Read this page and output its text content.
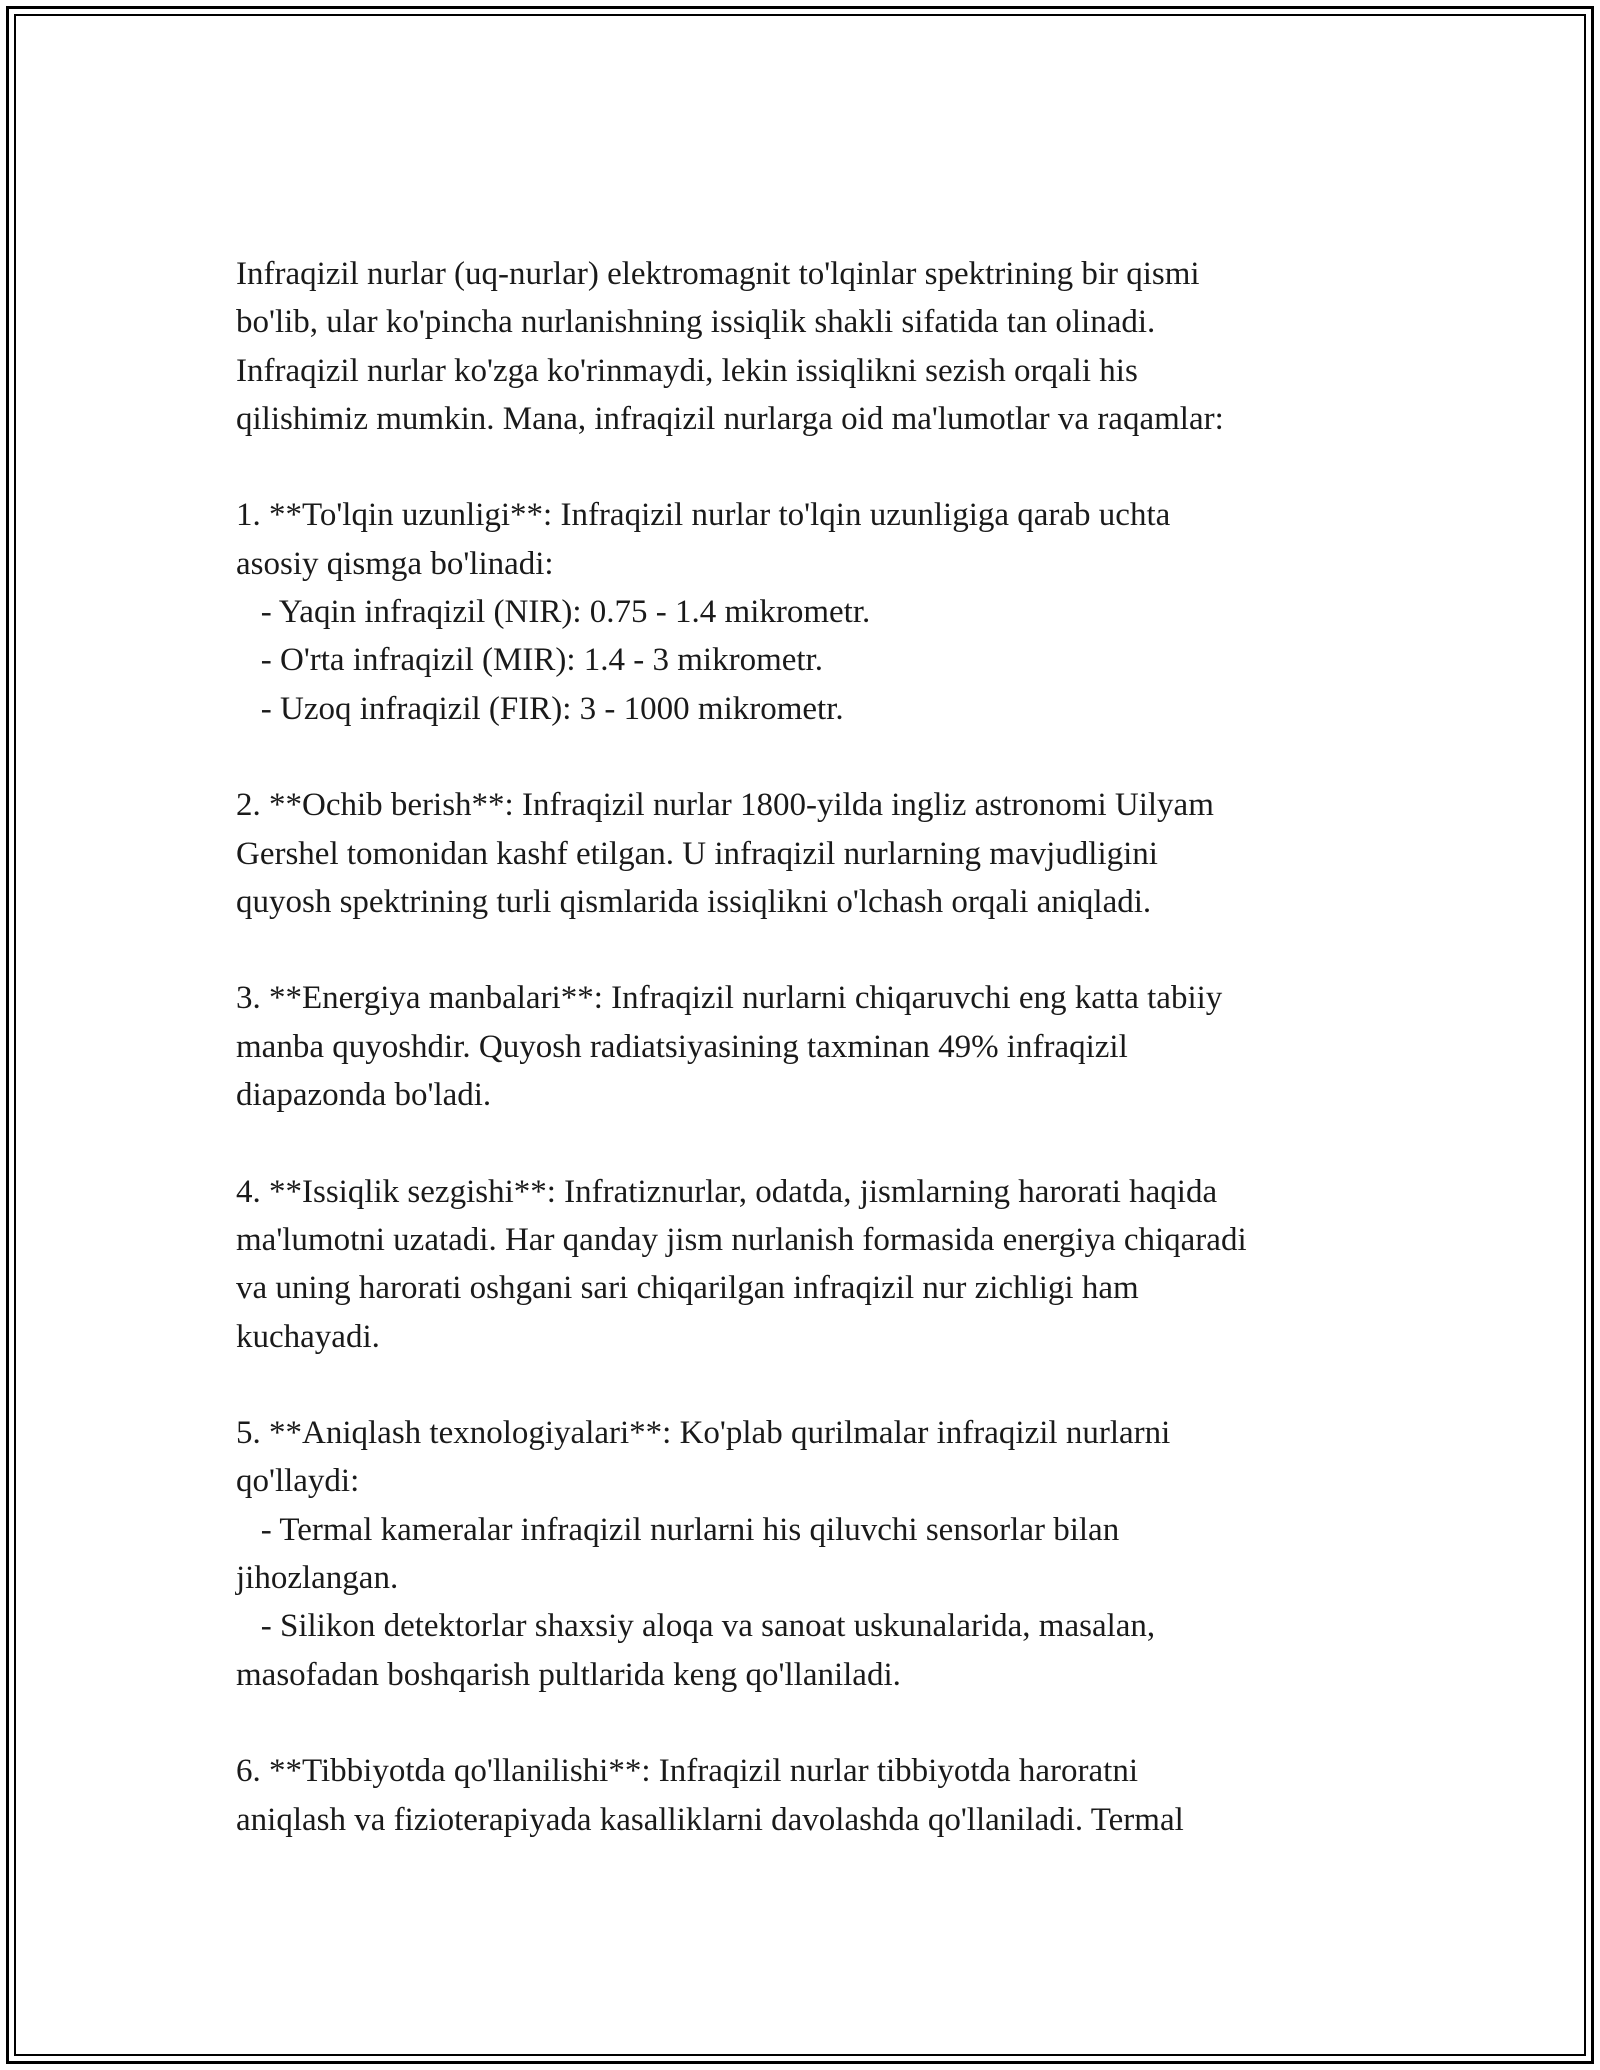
Infraqizil nurlar (uq-nurlar) elektromagnit to'lqinlar spektrining bir qismi
bo'lib, ular ko'pincha nurlanishning issiqlik shakli sifatida tan olinadi.
Infraqizil nurlar ko'zga ko'rinmaydi, lekin issiqlikni sezish orqali his
qilishimiz mumkin. Mana, infraqizil nurlarga oid ma'lumotlar va raqamlar:
1. **To'lqin uzunligi**: Infraqizil nurlar to'lqin uzunligiga qarab uchta
asosiy qismga bo'linadi:
- Yaqin infraqizil (NIR): 0.75 - 1.4 mikrometr.
- O'rta infraqizil (MIR): 1.4 - 3 mikrometr.
- Uzoq infraqizil (FIR): 3 - 1000 mikrometr.
2. **Ochib berish**: Infraqizil nurlar 1800-yilda ingliz astronomi Uilyam
Gershel tomonidan kashf etilgan. U infraqizil nurlarning mavjudligini
quyosh spektrining turli qismlarida issiqlikni o'lchash orqali aniqladi.
3. **Energiya manbalari**: Infraqizil nurlarni chiqaruvchi eng katta tabiiy
manba quyoshdir. Quyosh radiatsiyasining taxminan 49% infraqizil
diapazonda bo'ladi.
4. **Issiqlik sezgishi**: Infratiznurlar, odatda, jismlarning harorati haqida
ma'lumotni uzatadi. Har qanday jism nurlanish formasida energiya chiqaradi
va uning harorati oshgani sari chiqarilgan infraqizil nur zichligi ham
kuchayadi.
5. **Aniqlash texnologiyalari**: Ko'plab qurilmalar infraqizil nurlarni
qo'llaydi:
- Termal kameralar infraqizil nurlarni his qiluvchi sensorlar bilan
jihozlangan.
- Silikon detektorlar shaxsiy aloqa va sanoat uskunalarida, masalan,
masofadan boshqarish pultlarida keng qo'llaniladi.
6. **Tibbiyotda qo'llanilishi**: Infraqizil nurlar tibbiyotda haroratni
aniqlash va fizioterapiyada kasalliklarni davolashda qo'llaniladi. Termal
